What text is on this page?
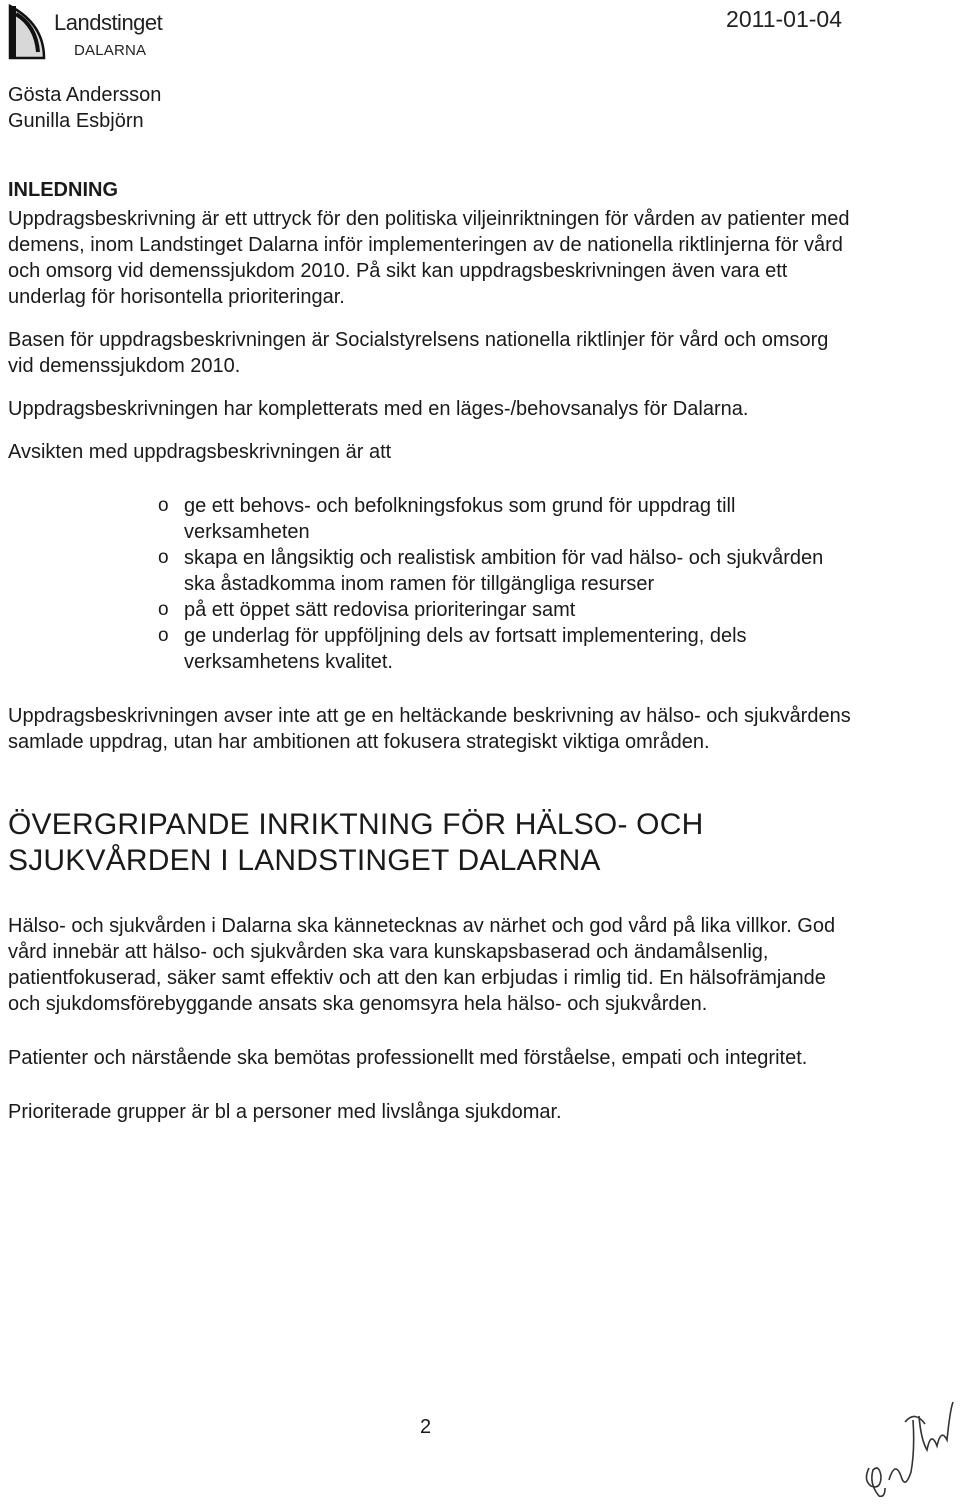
Landstinget
DALARNA
2011-01-04
Gösta Andersson
Gunilla Esbjörn
INLEDNING

Uppdragsbeskrivning är ett uttryck för den politiska viljeinriktningen för vården av patienter med demens, inom Landstinget Dalarna inför implementeringen av de nationella riktlinjerna för vård och omsorg vid demenssjukdom 2010. På sikt kan uppdragsbeskrivningen även vara ett underlag för horisontella prioriteringar.

Basen för uppdragsbeskrivningen är Socialstyrelsens nationella riktlinjer för vård och omsorg vid demenssjukdom 2010.

Uppdragsbeskrivningen har kompletterats med en läges-/behovsanalys för Dalarna.

Avsikten med uppdragsbeskrivningen är att

o ge ett behovs- och befolkningsfokus som grund för uppdrag till verksamheten
o skapa en långsiktig och realistisk ambition för vad hälso- och sjukvården ska åstadkomma inom ramen för tillgängliga resurser
o på ett öppet sätt redovisa prioriteringar samt
o ge underlag för uppföljning dels av fortsatt implementering, dels verksamhetens kvalitet.

Uppdragsbeskrivningen avser inte att ge en heltäckande beskrivning av hälso- och sjukvårdens samlade uppdrag, utan har ambitionen att fokusera strategiskt viktiga områden.

ÖVERGRIPANDE INRIKTNING FÖR HÄLSO- OCH SJUKVÅRDEN I LANDSTINGET DALARNA

Hälso- och sjukvården i Dalarna ska kännetecknas av närhet och god vård på lika villkor. God vård innebär att hälso- och sjukvården ska vara kunskapsbaserad och ändamålsenlig, patientfokuserad, säker samt effektiv och att den kan erbjudas i rimlig tid. En hälsofrämjande och sjukdomsförebyggande ansats ska genomsyra hela hälso- och sjukvården.

Patienter och närstående ska bemötas professionellt med förståelse, empati och integritet.

Prioriterade grupper är bl a personer med livslånga sjukdomar.

2
